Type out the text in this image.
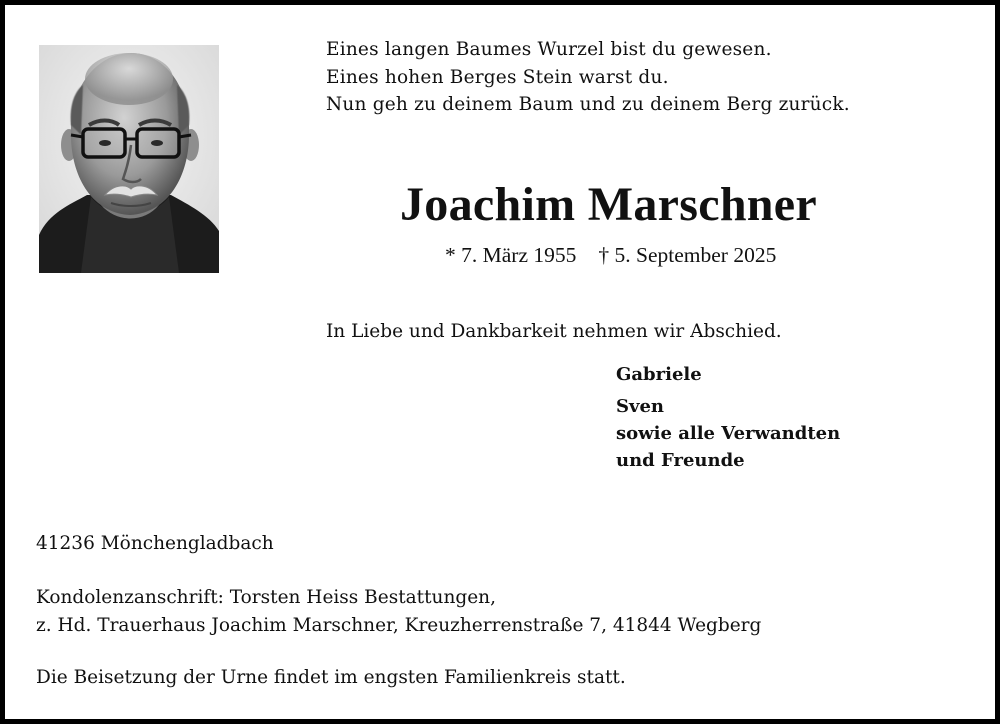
Eines langen Baumes Wurzel bist du gewesen.
Eines hohen Berges Stein warst du.
Nun geh zu deinem Baum und zu deinem Berg zurück.
Joachim Marschner
* 7. März 1955 † 5. September 2025
In Liebe und Dankbarkeit nehmen wir Abschied.
Gabriele
Sven
sowie alle Verwandten
und Freunde
41236 Mönchengladbach
Kondolenzanschrift: Torsten Heiss Bestattungen,
z. Hd. Trauerhaus Joachim Marschner, Kreuzherrenstraße 7, 41844 Wegberg
Die Beisetzung der Urne findet im engsten Familienkreis statt.
